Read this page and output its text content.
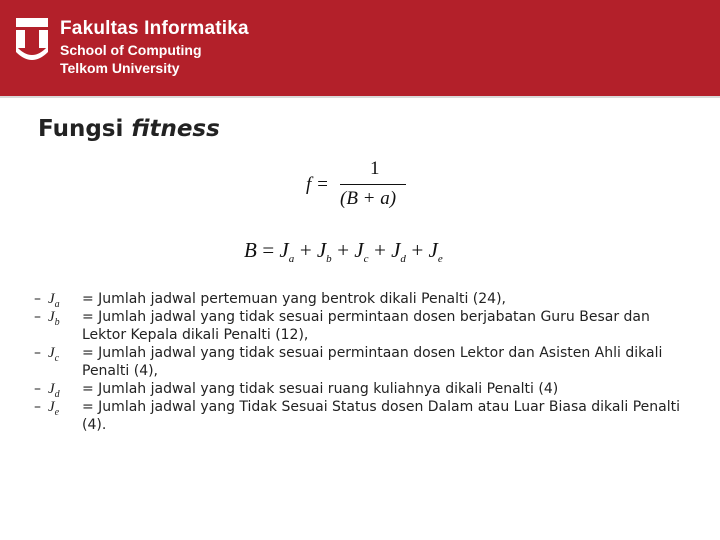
Fakultas Informatika
School of Computing
Telkom University
Fungsi fitness
f =
1
(B + a)
$B = J_a + J_b + J_c + J_d + J_e$
– $J_a$ = Jumlah jadwal pertemuan yang bentrok dikali Penalti (24),
– $J_b$ = Jumlah jadwal yang tidak sesuai permintaan dosen berjabatan Guru Besar dan Lektor Kepala dikali Penalti (12),
– $J_c$ = Jumlah jadwal yang tidak sesuai permintaan dosen Lektor dan Asisten Ahli dikali Penalti (4),
– $J_d$ = Jumlah jadwal yang tidak sesuai ruang kuliahnya dikali Penalti (4)
– $J_e$ = Jumlah jadwal yang Tidak Sesuai Status dosen Dalam atau Luar Biasa dikali Penalti (4).
